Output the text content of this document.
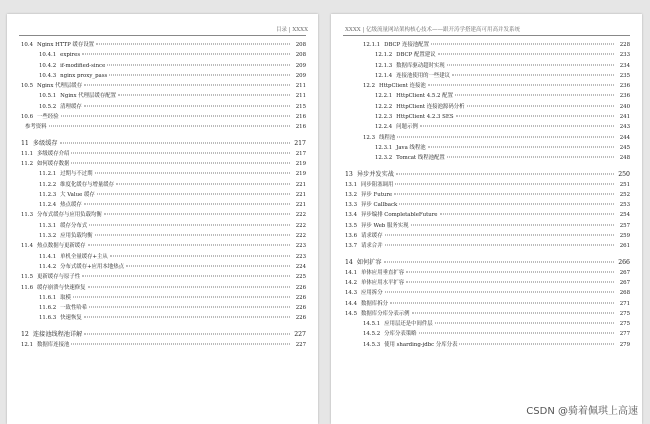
目录 | XXXX
10.4 Nginx HTTP 缓存设置	208
10.4.1 expires	208
10.4.2 if-modified-since	209
10.4.3 nginx proxy_pass	209
10.5 Nginx 代理层缓存	211
10.5.1 Nginx 代理层缓存配置	211
10.5.2 清理缓存	215
10.6 一些经验	216
参考资料	216
11 多级缓存	217
11.1 多级缓存介绍	217
11.2 如何缓存数据	219
11.2.1 过期与不过期	219
11.2.2 维度化缓存与增量缓存	221
11.2.3 大 Value 缓存	221
11.2.4 热点缓存	221
11.3 分布式缓存与应用负载均衡	222
11.3.1 缓存分布式	222
11.3.2 应用负载均衡	222
11.4 热点数据与更新缓存	223
11.4.1 单机全量缓存+主从	223
11.4.2 分布式缓存+应用本地热点	224
11.5 更新缓存与原子性	225
11.6 缓存崩溃与快速修复	226
11.6.1 取模	226
11.6.2 一致性哈希	226
11.6.3 快速恢复	226
12 连接池线程池详解	227
12.1 数据库连接池	227
XXXX | 亿级流量网站架构核心技术——跟开涛学搭建高可用高并发系统
12.1.1 DBCP 连接池配置	228
12.1.2 DBCP 配置建议	233
12.1.3 数据库驱动超时实现	234
12.1.4 连接池使用的一些建议	235
12.2 HttpClient 连接池	236
12.2.1 HttpClient 4.5.2 配置	236
12.2.2 HttpClient 连接池源码分析	240
12.2.3 HttpClient 4.2.3 SES	241
12.2.4 问题示例	243
12.3 线程池	244
12.3.1 Java 线程池	245
12.3.2 Tomcat 线程池配置	248
13 异步并发实战	250
13.1 同步阻塞调用	251
13.2 异步 Future	252
13.3 异步 Callback	253
13.4 异步编排 CompletableFuture	254
13.5 异步 Web 服务实现	257
13.6 请求缓存	259
13.7 请求合并	261
14 如何扩容	266
14.1 单体应用垂直扩容	267
14.2 单体应用水平扩容	267
14.3 应用拆分	268
14.4 数据库拆分	271
14.5 数据库分库分表示例	275
14.5.1 应用层还是中间件层	275
14.5.2 分库分表策略	277
14.5.3 使用 sharding-jdbc 分库分表	279
CSDN @骑着佩琪上高速
